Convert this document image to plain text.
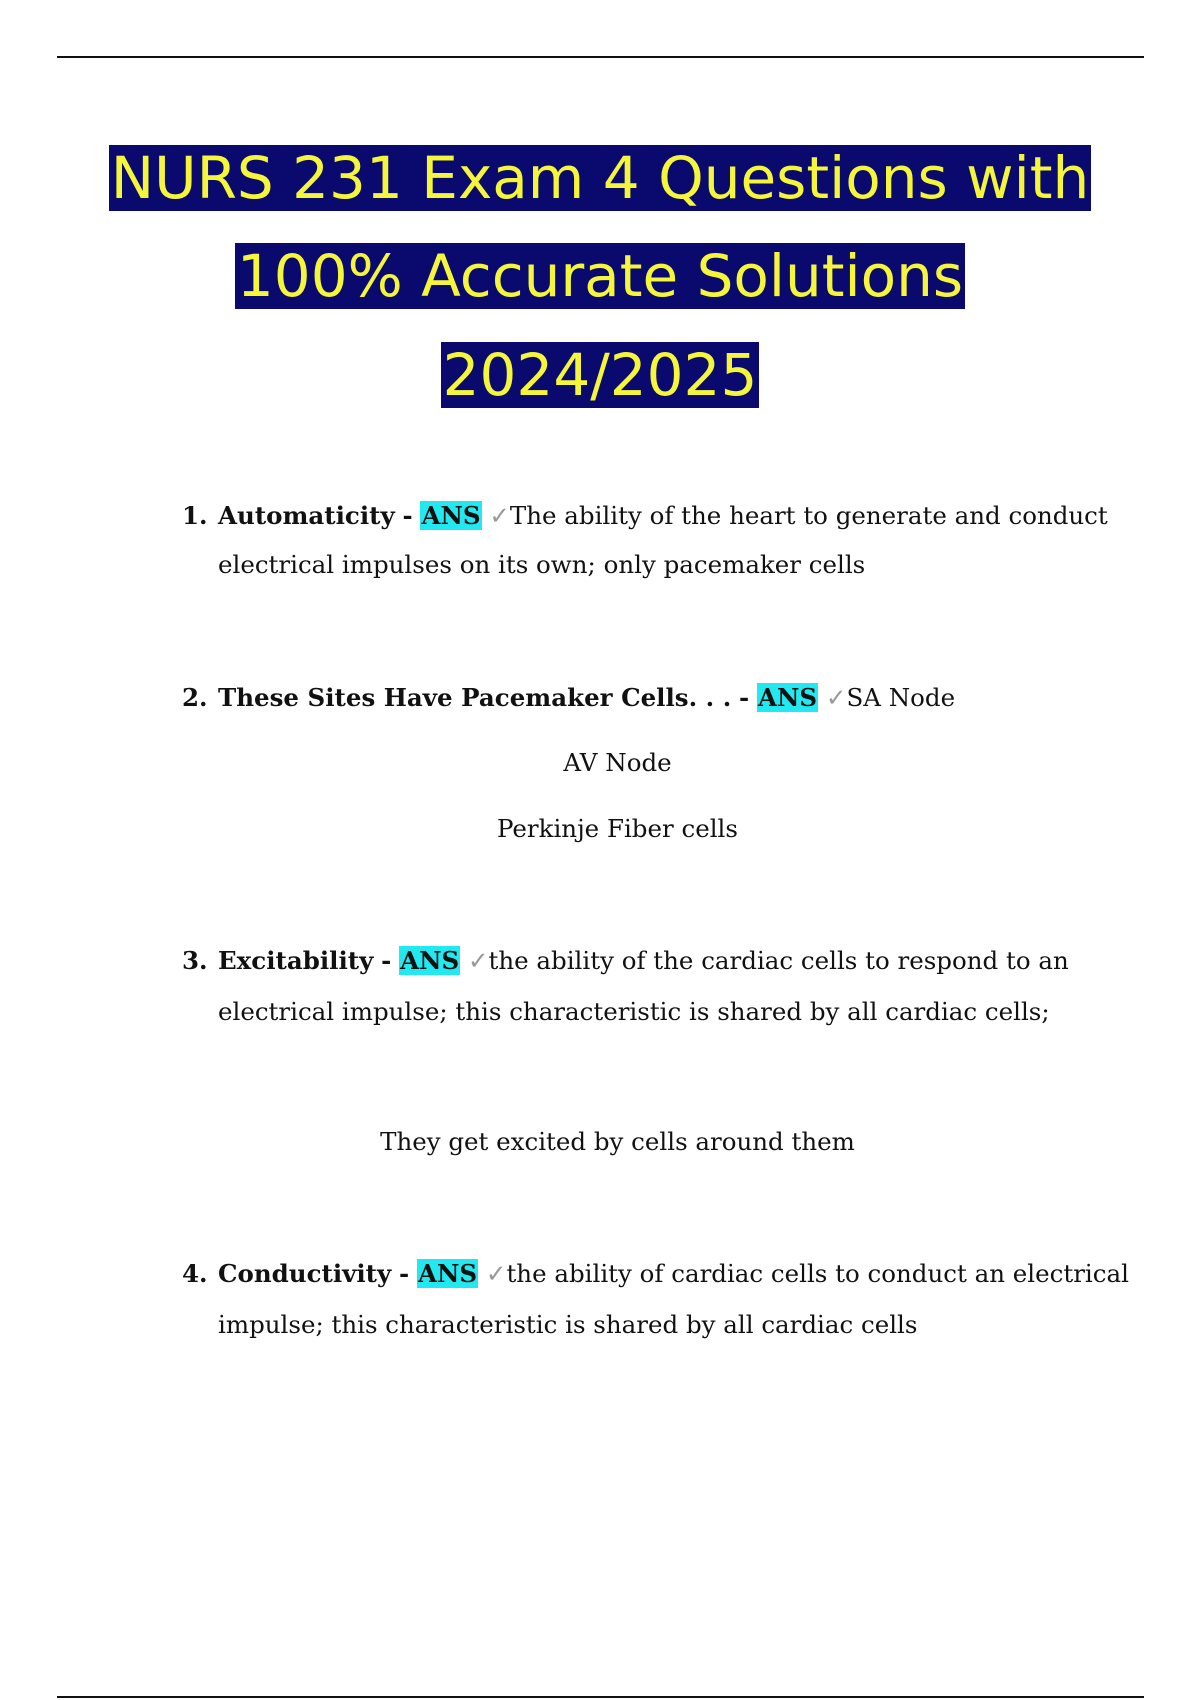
NURS 231 Exam 4 Questions with
100% Accurate Solutions
2024/2025
1. Automaticity - ANS ✓The ability of the heart to generate and conduct
electrical impulses on its own; only pacemaker cells
2. These Sites Have Pacemaker Cells. . . - ANS ✓SA Node
AV Node
Perkinje Fiber cells
3. Excitability - ANS ✓the ability of the cardiac cells to respond to an
electrical impulse; this characteristic is shared by all cardiac cells;
They get excited by cells around them
4. Conductivity - ANS ✓the ability of cardiac cells to conduct an electrical
impulse; this characteristic is shared by all cardiac cells
